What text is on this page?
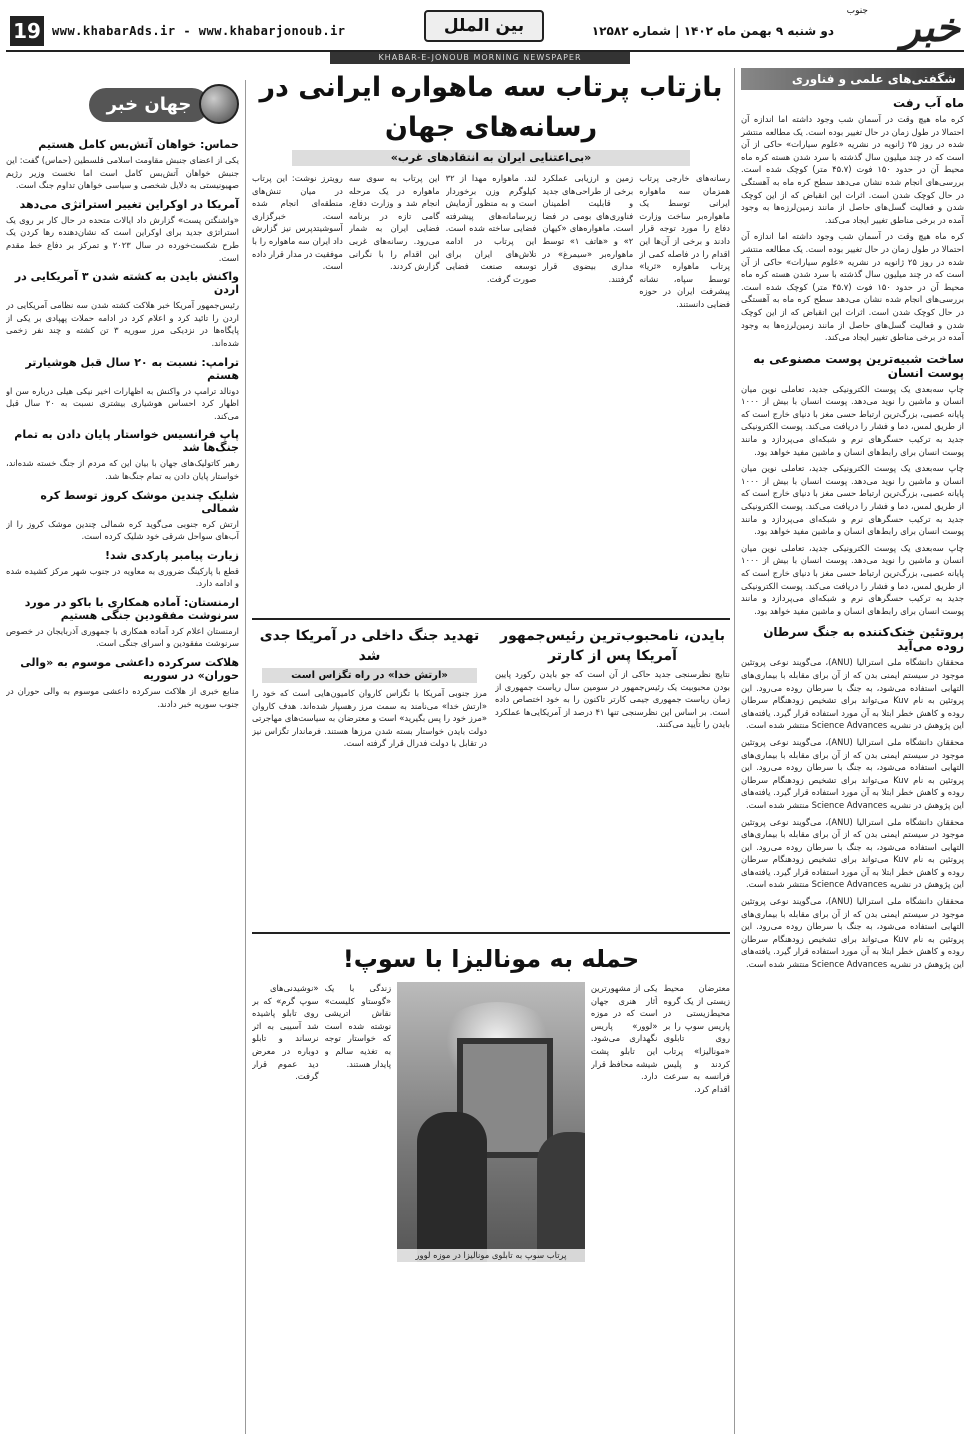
19 www.khabarAds.ir - www.khabarjonoub.ir	بین الملل	دو شنبه ۹ بهمن ماه ۱۴۰۲ | شماره ۱۲۵۸۲	خبر
جنوب
KHABAR-E-JONOUB MORNING NEWSPAPER
شگفتی‌های علمی و فناوری
ماه آب رفت

کره ماه هیچ‌ وقت در آسمان شب وجود داشته اما اندازه آن احتمالا در طول زمان در حال تغییر بوده است. یک مطالعه منتشر شده در روز ۲۵ ژانویه در نشریه «علوم سیارات» حاکی از آن است که در چند میلیون سال گذشته با سرد شدن هسته کره ماه محیط آن در حدود ۱۵۰ فوت (۴۵.۷ متر) کوچک شده است. بررسی‌های انجام شده نشان می‌دهد سطح کره ماه به آهستگی در حال کوچک شدن است. اثرات این انقباض که از این کوچک شدن و فعالیت گسل‌های حاصل از مانند زمین‌لرزه‌ها به وجود آمده در برخی مناطق تغییر ایجاد می‌کند.

کره ماه هیچ‌ وقت در آسمان شب وجود داشته اما اندازه آن احتمالا در طول زمان در حال تغییر بوده است. یک مطالعه منتشر شده در روز ۲۵ ژانویه در نشریه «علوم سیارات» حاکی از آن است که در چند میلیون سال گذشته با سرد شدن هسته کره ماه محیط آن در حدود ۱۵۰ فوت (۴۵.۷ متر) کوچک شده است. بررسی‌های انجام شده نشان می‌دهد سطح کره ماه به آهستگی در حال کوچک شدن است. اثرات این انقباض که از این کوچک شدن و فعالیت گسل‌های حاصل از مانند زمین‌لرزه‌ها به وجود آمده در برخی مناطق تغییر ایجاد می‌کند.

ساخت شبیه‌ترین پوست مصنوعی به پوست انسان

چاپ سه‌بعدی یک پوست الکترونیکی جدید، تعاملی نوین میان انسان و ماشین را نوید می‌دهد. پوست انسان با بیش از ۱۰۰۰ پایانه عصبی، بزرگ‌ترین ارتباط حسی مغز با دنیای خارج است که از طریق لمس، دما و فشار را دریافت می‌کند. پوست الکترونیکی جدید به ترکیب حسگرهای نرم و شبکه‌ای می‌پردازد و مانند پوست انسان برای رابط‌های انسان و ماشین مفید خواهد بود.

چاپ سه‌بعدی یک پوست الکترونیکی جدید، تعاملی نوین میان انسان و ماشین را نوید می‌دهد. پوست انسان با بیش از ۱۰۰۰ پایانه عصبی، بزرگ‌ترین ارتباط حسی مغز با دنیای خارج است که از طریق لمس، دما و فشار را دریافت می‌کند. پوست الکترونیکی جدید به ترکیب حسگرهای نرم و شبکه‌ای می‌پردازد و مانند پوست انسان برای رابط‌های انسان و ماشین مفید خواهد بود.

چاپ سه‌بعدی یک پوست الکترونیکی جدید، تعاملی نوین میان انسان و ماشین را نوید می‌دهد. پوست انسان با بیش از ۱۰۰۰ پایانه عصبی، بزرگ‌ترین ارتباط حسی مغز با دنیای خارج است که از طریق لمس، دما و فشار را دریافت می‌کند. پوست الکترونیکی جدید به ترکیب حسگرهای نرم و شبکه‌ای می‌پردازد و مانند پوست انسان برای رابط‌های انسان و ماشین مفید خواهد بود.

پروتئین خنک‌کننده به جنگ سرطان روده می‌آید

محققان دانشگاه ملی استرالیا (ANU)، می‌گویند نوعی پروتئین موجود در سیستم ایمنی بدن که از آن برای مقابله با بیماری‌های التهابی استفاده می‌شود، به جنگ با سرطان روده می‌رود. این پروتئین به نام Kuv می‌تواند برای تشخیص زودهنگام سرطان روده و کاهش خطر ابتلا به آن مورد استفاده قرار گیرد. یافته‌های این پژوهش در نشریه Science Advances منتشر شده است.

محققان دانشگاه ملی استرالیا (ANU)، می‌گویند نوعی پروتئین موجود در سیستم ایمنی بدن که از آن برای مقابله با بیماری‌های التهابی استفاده می‌شود، به جنگ با سرطان روده می‌رود. این پروتئین به نام Kuv می‌تواند برای تشخیص زودهنگام سرطان روده و کاهش خطر ابتلا به آن مورد استفاده قرار گیرد. یافته‌های این پژوهش در نشریه Science Advances منتشر شده است.

محققان دانشگاه ملی استرالیا (ANU)، می‌گویند نوعی پروتئین موجود در سیستم ایمنی بدن که از آن برای مقابله با بیماری‌های التهابی استفاده می‌شود، به جنگ با سرطان روده می‌رود. این پروتئین به نام Kuv می‌تواند برای تشخیص زودهنگام سرطان روده و کاهش خطر ابتلا به آن مورد استفاده قرار گیرد. یافته‌های این پژوهش در نشریه Science Advances منتشر شده است.

محققان دانشگاه ملی استرالیا (ANU)، می‌گویند نوعی پروتئین موجود در سیستم ایمنی بدن که از آن برای مقابله با بیماری‌های التهابی استفاده می‌شود، به جنگ با سرطان روده می‌رود. این پروتئین به نام Kuv می‌تواند برای تشخیص زودهنگام سرطان روده و کاهش خطر ابتلا به آن مورد استفاده قرار گیرد. یافته‌های این پژوهش در نشریه Science Advances منتشر شده است.

جهان خبر
حماس: خواهان آتش‌بس کامل هستیم

یکی از اعضای جنبش مقاومت اسلامی فلسطین (حماس) گفت: این جنبش خواهان آتش‌بس کامل است اما نخست وزیر رژیم صهیونیستی به دلایل شخصی و سیاسی خواهان تداوم جنگ است.

آمریکا در اوکراین تغییر استراتژی می‌دهد

«واشنگتن پست» گزارش داد ایالات متحده در حال کار بر روی یک استراتژی جدید برای اوکراین است که نشان‌دهنده رها کردن یک طرح شکست‌خورده در سال ۲۰۲۳ و تمرکز بر دفاع خط مقدم است.

واکنش بایدن به کشته شدن ۳ آمریکایی در اردن

رئیس‌جمهور آمریکا خبر هلاکت کشته شدن سه نظامی آمریکایی در اردن را تائید کرد و اعلام کرد در ادامه حملات پهپادی بر یکی از پایگاه‌ها در نزدیکی مرز سوریه ۳ تن کشته و چند نفر زخمی شده‌اند.

ترامپ: نسبت به ۲۰ سال قبل هوشیارتر هستم

دونالد ترامپ در واکنش به اظهارات اخیر نیکی هیلی درباره سن او اظهار کرد احساس هوشیاری بیشتری نسبت به ۲۰ سال قبل می‌کند.

پاپ فرانسیس خواستار پایان دادن به تمام جنگ‌ها شد

رهبر کاتولیک‌های جهان با بیان این که مردم از جنگ خسته شده‌اند، خواستار پایان دادن به تمام جنگ‌ها شد.

شلیک چندین موشک کروز توسط کره شمالی

ارتش کره جنوبی می‌گوید کره شمالی چندین موشک کروز را از آب‌های سواحل شرقی خود شلیک کرده است.

زیارت پیامبر پارکدی شد!

قطع با پارکینگ ضروری به معاویه در جنوب شهر مرکز کشیده شده و ادامه دارد.

ارمنستان: آماده همکاری با باکو در مورد سرنوشت مفقودین جنگی هستیم

ارمنستان اعلام کرد آماده همکاری با جمهوری آذربایجان در خصوص سرنوشت مفقودین و اسرای جنگی است.

هلاکت سرکرده داعشی موسوم به «والی حوران» در سوریه

منابع خبری از هلاکت سرکرده داعشی موسوم به والی حوران در جنوب سوریه خبر دادند.

بازتاب پرتاب سه ماهواره ایرانی در رسانه‌های جهان
«بی‌اعتنایی ایران به انتقادهای غرب»

رسانه‌های خارجی پرتاب همزمان سه ماهواره ایرانی توسط یک ماهواره‌بر ساخت وزارت دفاع را مورد توجه قرار دادند و برخی از آن‌ها این اقدام را در فاصله کمی از پرتاب ماهواره «ثریا» توسط سپاه، نشانه پیشرفت ایران در حوزه فضایی دانستند.

زمین و ارزیابی عملکرد برخی از طراحی‌های جدید و قابلیت اطمینان فناوری‌های بومی در فضا است. ماهواره‌های «کیهان ۲» و «هاتف ۱» توسط ماهواره‌بر «سیمرغ» در مداری بیضوی قرار گرفتند.

لند. ماهواره مهدا از ۳۲ کیلوگرم وزن برخوردار است و به منظور آزمایش زیرسامانه‌های پیشرفته فضایی ساخته شده است. این پرتاب در ادامه تلاش‌های ایران برای توسعه صنعت فضایی صورت گرفت.

این پرتاب به سوی سه ماهواره در یک مرحله انجام شد و وزارت دفاع، گامی تازه در برنامه فضایی ایران به شمار می‌رود. رسانه‌های غربی این اقدام را با نگرانی گزارش کردند.

رویترز نوشت: این پرتاب در میان تنش‌های منطقه‌ای انجام شده است. خبرگزاری آسوشیتدپرس نیز گزارش داد ایران سه ماهواره را با موفقیت در مدار قرار داده است.

بایدن، نامحبوب‌ترین رئیس‌جمهور آمریکا پس از کارتر

نتایج نظرسنجی جدید حاکی از آن است که جو بایدن رکورد پایین بودن محبوبیت یک رئیس‌جمهور در سومین سال ریاست جمهوری از زمان ریاست جمهوری جیمی کارتر تاکنون را به خود اختصاص داده است. بر اساس این نظرسنجی تنها ۴۱ درصد از آمریکایی‌ها عملکرد بایدن را تأیید می‌کنند.

تهدید جنگ داخلی در آمریکا جدی شد
«ارتش خدا» در راه تگزاس است

مرز جنوبی آمریکا با تگزاس کاروان کامیون‌هایی است که خود را «ارتش خدا» می‌نامند به سمت مرز رهسپار شده‌اند. هدف کاروان «مرز خود را پس بگیرید» است و معترضان به سیاست‌های مهاجرتی دولت بایدن خواستار بسته شدن مرزها هستند. فرماندار تگزاس نیز در تقابل با دولت فدرال قرار گرفته است.

حمله به مونالیزا با سوپ!

معترضان محیط زیستی از یک گروه محیط‌زیستی در پاریس سوپ را بر روی تابلوی «مونالیزا» پرتاب کردند و پلیس فرانسه به سرعت اقدام کرد.

یکی از مشهورترین آثار هنری جهان است که در موزه «لوور» پاریس نگهداری می‌شود. این تابلو پشت شیشه محافظ قرار دارد.

پرتاب سوپ به تابلوی مونالیزا در موزه لوور

زندگی با یک «گوستاو کلیست» نقاش اتریشی نوشته شده است که خواستار توجه به تغذیه سالم و پایدار هستند.

«نوشیدنی‌های سوپ گرم» که بر روی تابلو پاشیده شد آسیبی به اثر نرساند و تابلو دوباره در معرض دید عموم قرار گرفت.
